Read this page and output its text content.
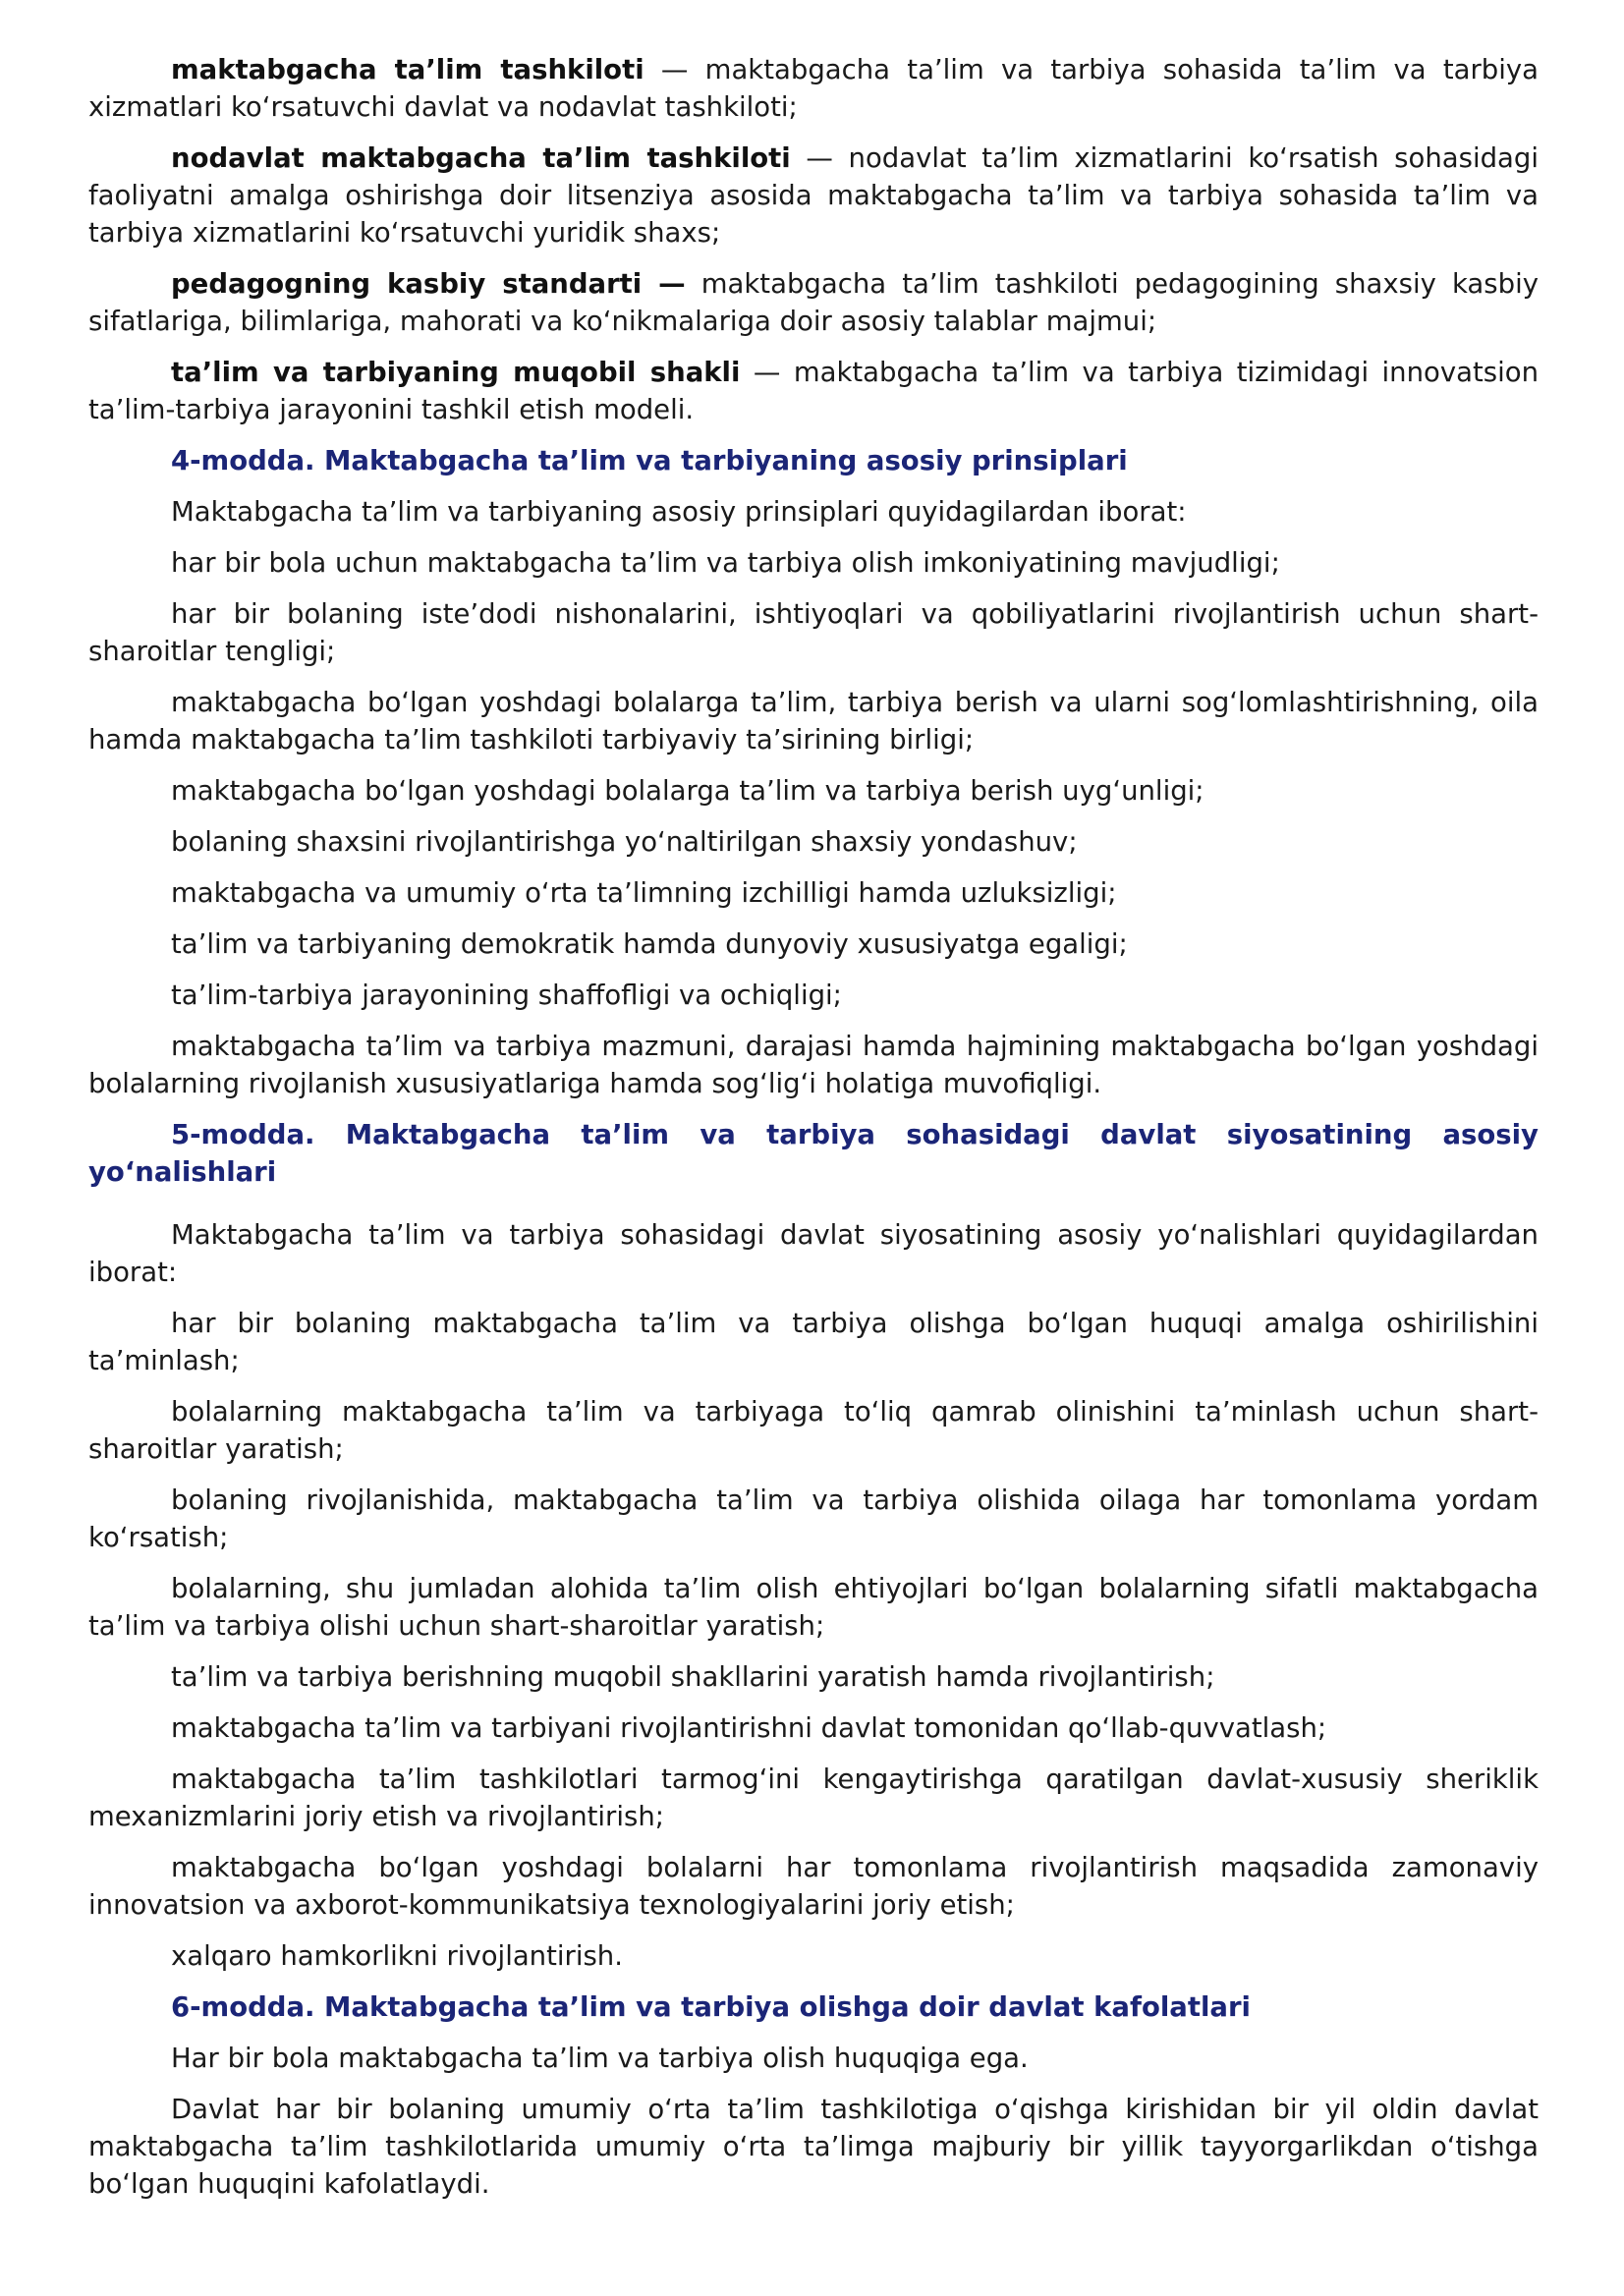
maktabgacha ta’lim tashkiloti — maktabgacha ta’lim va tarbiya sohasida ta’lim va tarbiya xizmatlari koʻrsatuvchi davlat va nodavlat tashkiloti;

nodavlat maktabgacha ta’lim tashkiloti — nodavlat ta’lim xizmatlarini koʻrsatish sohasidagi faoliyatni amalga oshirishga doir litsenziya asosida maktabgacha ta’lim va tarbiya sohasida ta’lim va tarbiya xizmatlarini koʻrsatuvchi yuridik shaxs;

pedagogning kasbiy standarti — maktabgacha ta’lim tashkiloti pedagogining shaxsiy kasbiy sifatlariga, bilimlariga, mahorati va koʻnikmalariga doir asosiy talablar majmui;

ta’lim va tarbiyaning muqobil shakli — maktabgacha ta’lim va tarbiya tizimidagi innovatsion ta’lim-tarbiya jarayonini tashkil etish modeli.

4-modda. Maktabgacha ta’lim va tarbiyaning asosiy prinsiplari

Maktabgacha ta’lim va tarbiyaning asosiy prinsiplari quyidagilardan iborat:

har bir bola uchun maktabgacha ta’lim va tarbiya olish imkoniyatining mavjudligi;

har bir bolaning iste’dodi nishonalarini, ishtiyoqlari va qobiliyatlarini rivojlantirish uchun shart-sharoitlar tengligi;

maktabgacha boʻlgan yoshdagi bolalarga ta’lim, tarbiya berish va ularni sogʻlomlashtirishning, oila hamda maktabgacha ta’lim tashkiloti tarbiyaviy ta’sirining birligi;

maktabgacha boʻlgan yoshdagi bolalarga ta’lim va tarbiya berish uygʻunligi;

bolaning shaxsini rivojlantirishga yoʻnaltirilgan shaxsiy yondashuv;

maktabgacha va umumiy oʻrta ta’limning izchilligi hamda uzluksizligi;

ta’lim va tarbiyaning demokratik hamda dunyoviy xususiyatga egaligi;

ta’lim-tarbiya jarayonining shaffofligi va ochiqligi;

maktabgacha ta’lim va tarbiya mazmuni, darajasi hamda hajmining maktabgacha boʻlgan yoshdagi bolalarning rivojlanish xususiyatlariga hamda sogʻligʻi holatiga muvofiqligi.

5-modda. Maktabgacha ta’lim va tarbiya sohasidagi davlat siyosatining asosiy yoʻnalishlari

Maktabgacha ta’lim va tarbiya sohasidagi davlat siyosatining asosiy yoʻnalishlari quyidagilardan iborat:

har bir bolaning maktabgacha ta’lim va tarbiya olishga boʻlgan huquqi amalga oshirilishini ta’minlash;

bolalarning maktabgacha ta’lim va tarbiyaga toʻliq qamrab olinishini ta’minlash uchun shart-sharoitlar yaratish;

bolaning rivojlanishida, maktabgacha ta’lim va tarbiya olishida oilaga har tomonlama yordam koʻrsatish;

bolalarning, shu jumladan alohida ta’lim olish ehtiyojlari boʻlgan bolalarning sifatli maktabgacha ta’lim va tarbiya olishi uchun shart-sharoitlar yaratish;

ta’lim va tarbiya berishning muqobil shakllarini yaratish hamda rivojlantirish;

maktabgacha ta’lim va tarbiyani rivojlantirishni davlat tomonidan qoʻllab-quvvatlash;

maktabgacha ta’lim tashkilotlari tarmogʻini kengaytirishga qaratilgan davlat-xususiy sheriklik mexanizmlarini joriy etish va rivojlantirish;

maktabgacha boʻlgan yoshdagi bolalarni har tomonlama rivojlantirish maqsadida zamonaviy innovatsion va axborot-kommunikatsiya texnologiyalarini joriy etish;

xalqaro hamkorlikni rivojlantirish.

6-modda. Maktabgacha ta’lim va tarbiya olishga doir davlat kafolatlari

Har bir bola maktabgacha ta’lim va tarbiya olish huquqiga ega.

Davlat har bir bolaning umumiy oʻrta ta’lim tashkilotiga oʻqishga kirishidan bir yil oldin davlat maktabgacha ta’lim tashkilotlarida umumiy oʻrta ta’limga majburiy bir yillik tayyorgarlikdan oʻtishga boʻlgan huquqini kafolatlaydi.
